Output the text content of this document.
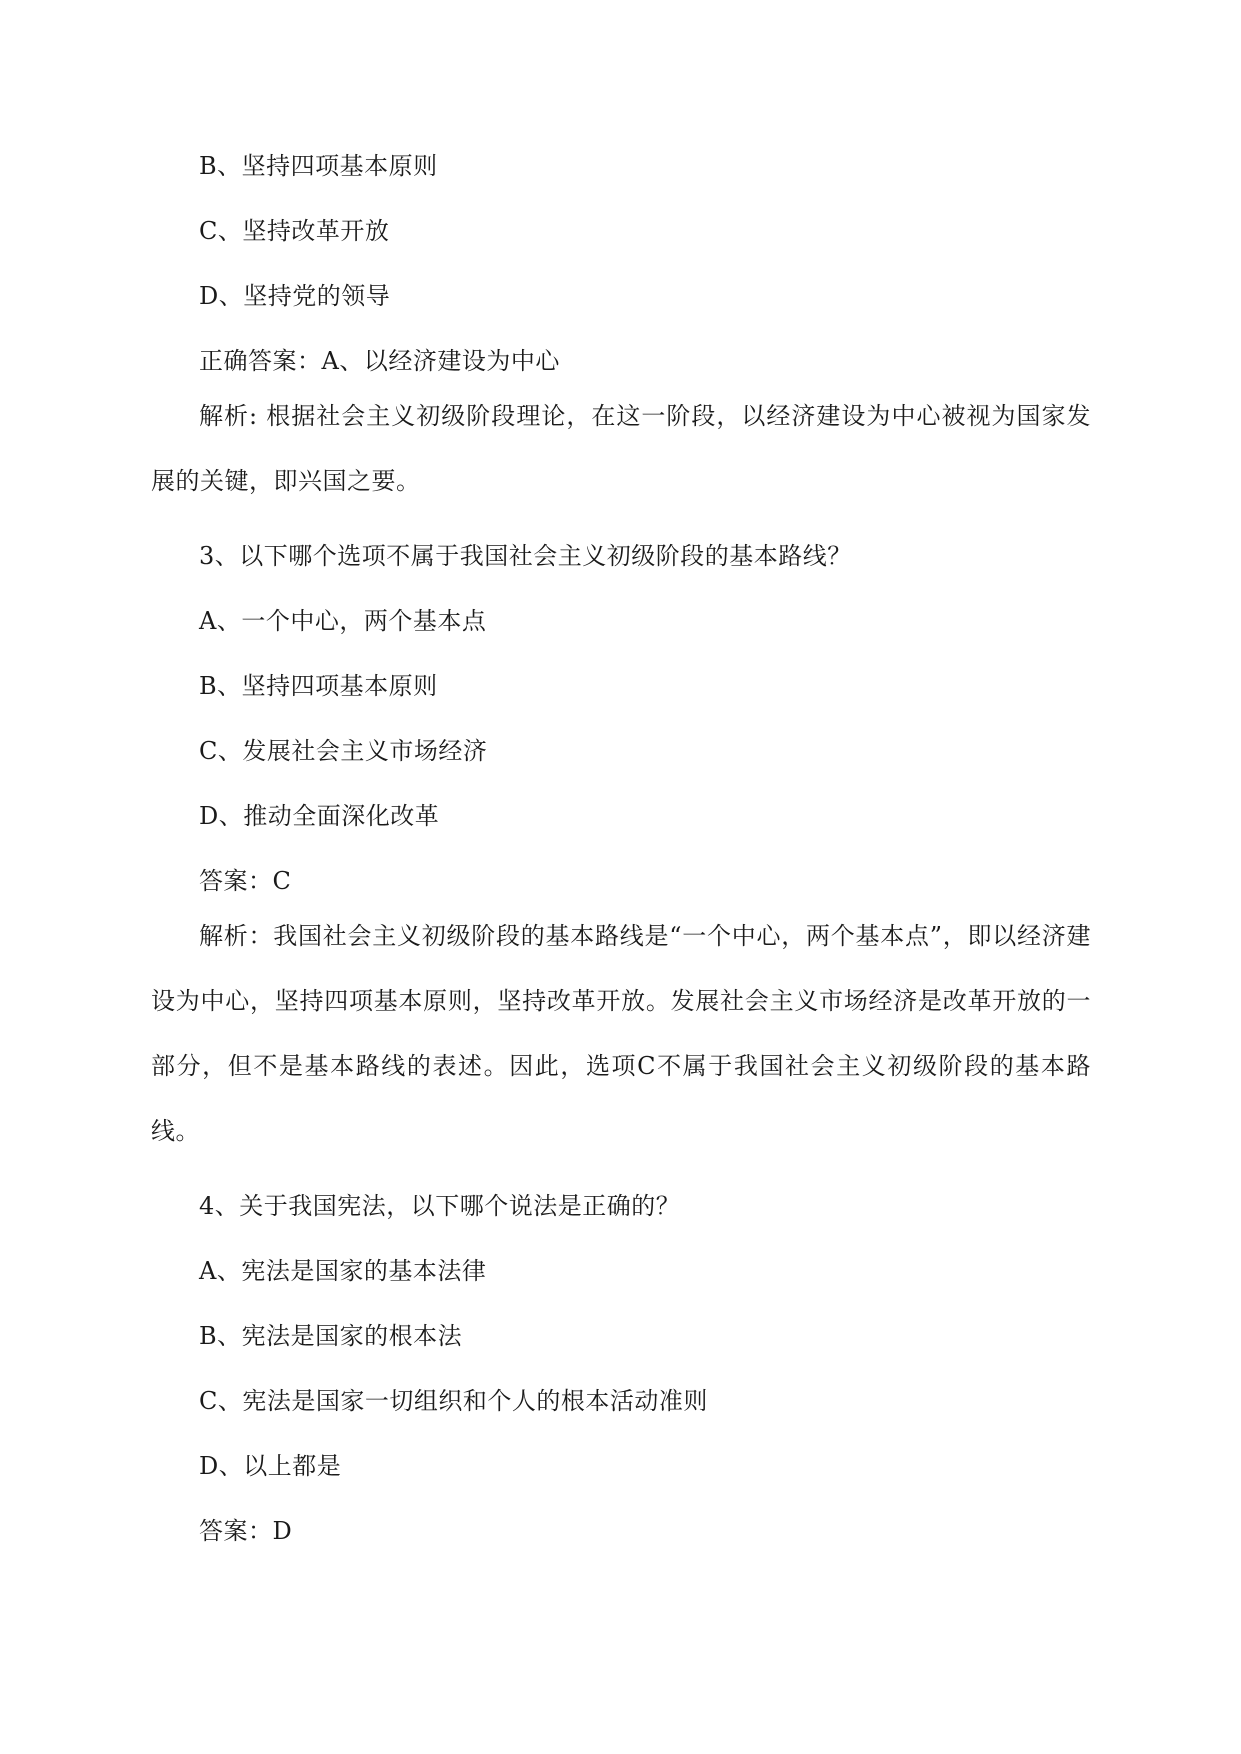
B、坚持四项基本原则
C、坚持改革开放
D、坚持党的领导
正确答案：A、以经济建设为中心

解析: 根据社会主义初级阶段理论，在这一阶段，以经济建设为中心被视为国家发展的关键，即兴国之要。

3、以下哪个选项不属于我国社会主义初级阶段的基本路线？
A、一个中心，两个基本点
B、坚持四项基本原则
C、发展社会主义市场经济
D、推动全面深化改革
答案：C

解析：我国社会主义初级阶段的基本路线是“一个中心，两个基本点”，即以经济建设为中心，坚持四项基本原则，坚持改革开放。发展社会主义市场经济是改革开放的一部分，但不是基本路线的表述。因此，选项C不属于我国社会主义初级阶段的基本路线。

4、关于我国宪法，以下哪个说法是正确的？
A、宪法是国家的基本法律
B、宪法是国家的根本法
C、宪法是国家一切组织和个人的根本活动准则
D、以上都是
答案：D
